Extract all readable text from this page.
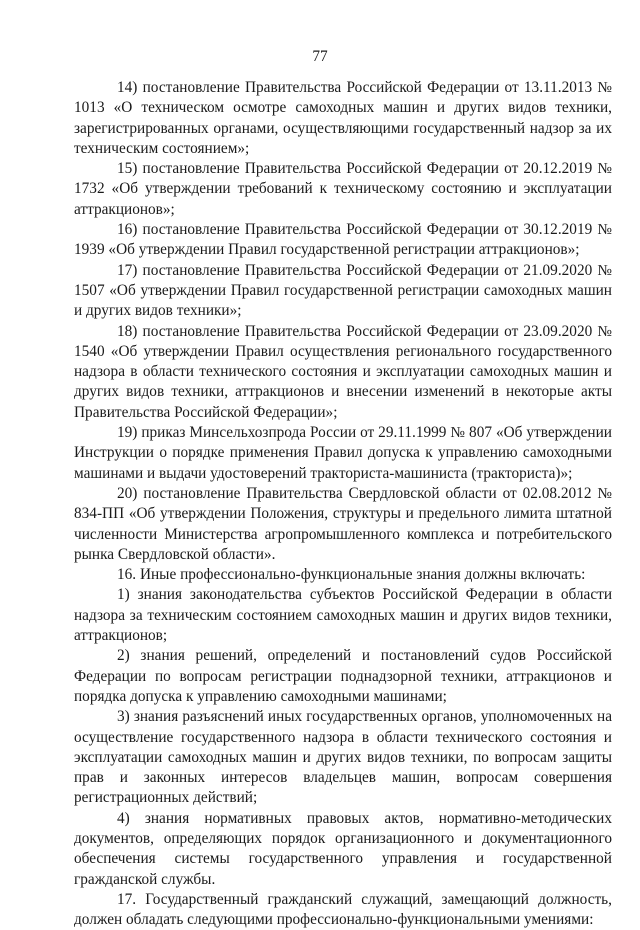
77

14) постановление Правительства Российской Федерации от 13.11.2013 № 1013 «О техническом осмотре самоходных машин и других видов техники, зарегистрированных органами, осуществляющими государственный надзор за их техническим состоянием»;

15) постановление Правительства Российской Федерации от 20.12.2019 № 1732 «Об утверждении требований к техническому состоянию и эксплуатации аттракционов»;

16) постановление Правительства Российской Федерации от 30.12.2019 № 1939 «Об утверждении Правил государственной регистрации аттракционов»;

17) постановление Правительства Российской Федерации от 21.09.2020 № 1507 «Об утверждении Правил государственной регистрации самоходных машин и других видов техники»;

18) постановление Правительства Российской Федерации от 23.09.2020 № 1540 «Об утверждении Правил осуществления регионального государственного надзора в области технического состояния и эксплуатации самоходных машин и других видов техники, аттракционов и внесении изменений в некоторые акты Правительства Российской Федерации»;

19) приказ Минсельхозпрода России от 29.11.1999 № 807 «Об утверждении Инструкции о порядке применения Правил допуска к управлению самоходными машинами и выдачи удостоверений тракториста-машиниста (тракториста)»;

20) постановление Правительства Свердловской области от 02.08.2012 № 834-ПП «Об утверждении Положения, структуры и предельного лимита штатной численности Министерства агропромышленного комплекса и потребительского рынка Свердловской области».

16. Иные профессионально-функциональные знания должны включать:

1) знания законодательства субъектов Российской Федерации в области надзора за техническим состоянием самоходных машин и других видов техники, аттракционов;

2) знания решений, определений и постановлений судов Российской Федерации по вопросам регистрации поднадзорной техники, аттракционов и порядка допуска к управлению самоходными машинами;

3) знания разъяснений иных государственных органов, уполномоченных на осуществление государственного надзора в области технического состояния и эксплуатации самоходных машин и других видов техники, по вопросам защиты прав и законных интересов владельцев машин, вопросам совершения регистрационных действий;

4) знания нормативных правовых актов, нормативно-методических документов, определяющих порядок организационного и документационного обеспечения системы государственного управления и государственной гражданской службы.

17. Государственный гражданский служащий, замещающий должность, должен обладать следующими профессионально-функциональными умениями:
